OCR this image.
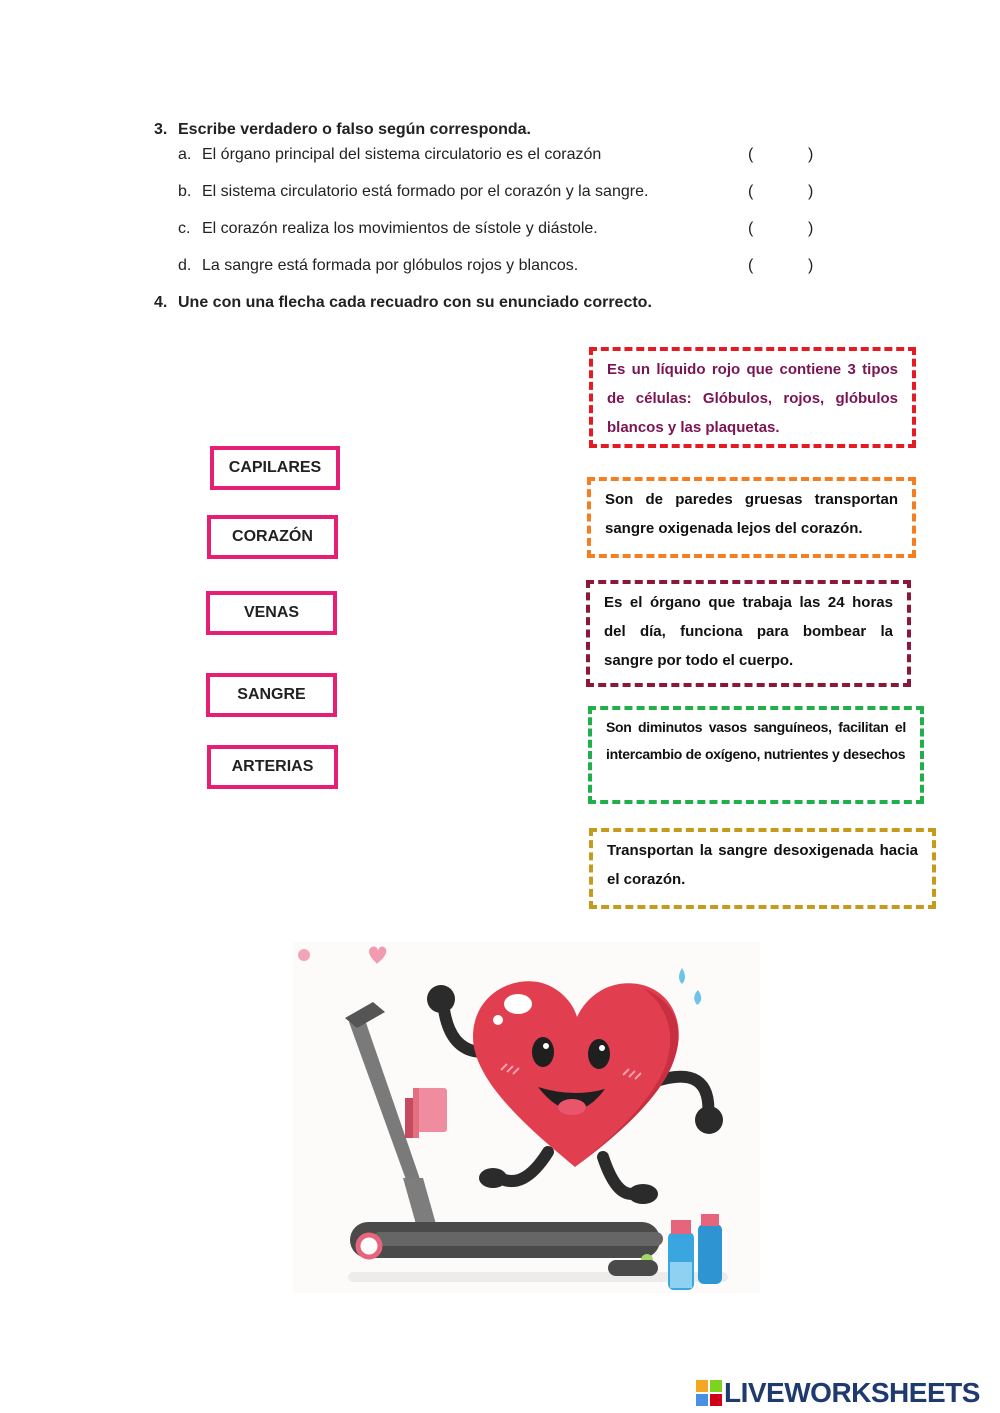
3. Escribe verdadero o falso según corresponda.
a. El órgano principal del sistema circulatorio es el corazón	(	)
b. El sistema circulatorio está formado por el corazón y la sangre.	(	)
c. El corazón realiza los movimientos de sístole y diástole.	(	)
d. La sangre está formada por glóbulos rojos y blancos.	(	)
4. Une con una flecha cada recuadro con su enunciado correcto.
CAPILARES
CORAZÓN
VENAS
SANGRE
ARTERIAS
Es un líquido rojo que contiene 3 tipos de células: Glóbulos, rojos, glóbulos blancos y las plaquetas.
Son de paredes gruesas transportan sangre oxigenada lejos del corazón.
Es el órgano que trabaja las 24 horas del día, funciona para bombear la sangre por todo el cuerpo.
Son diminutos vasos sanguíneos, facilitan el intercambio de oxígeno, nutrientes y desechos
Transportan la sangre desoxigenada hacia el corazón.
LIVEWORKSHEETS
